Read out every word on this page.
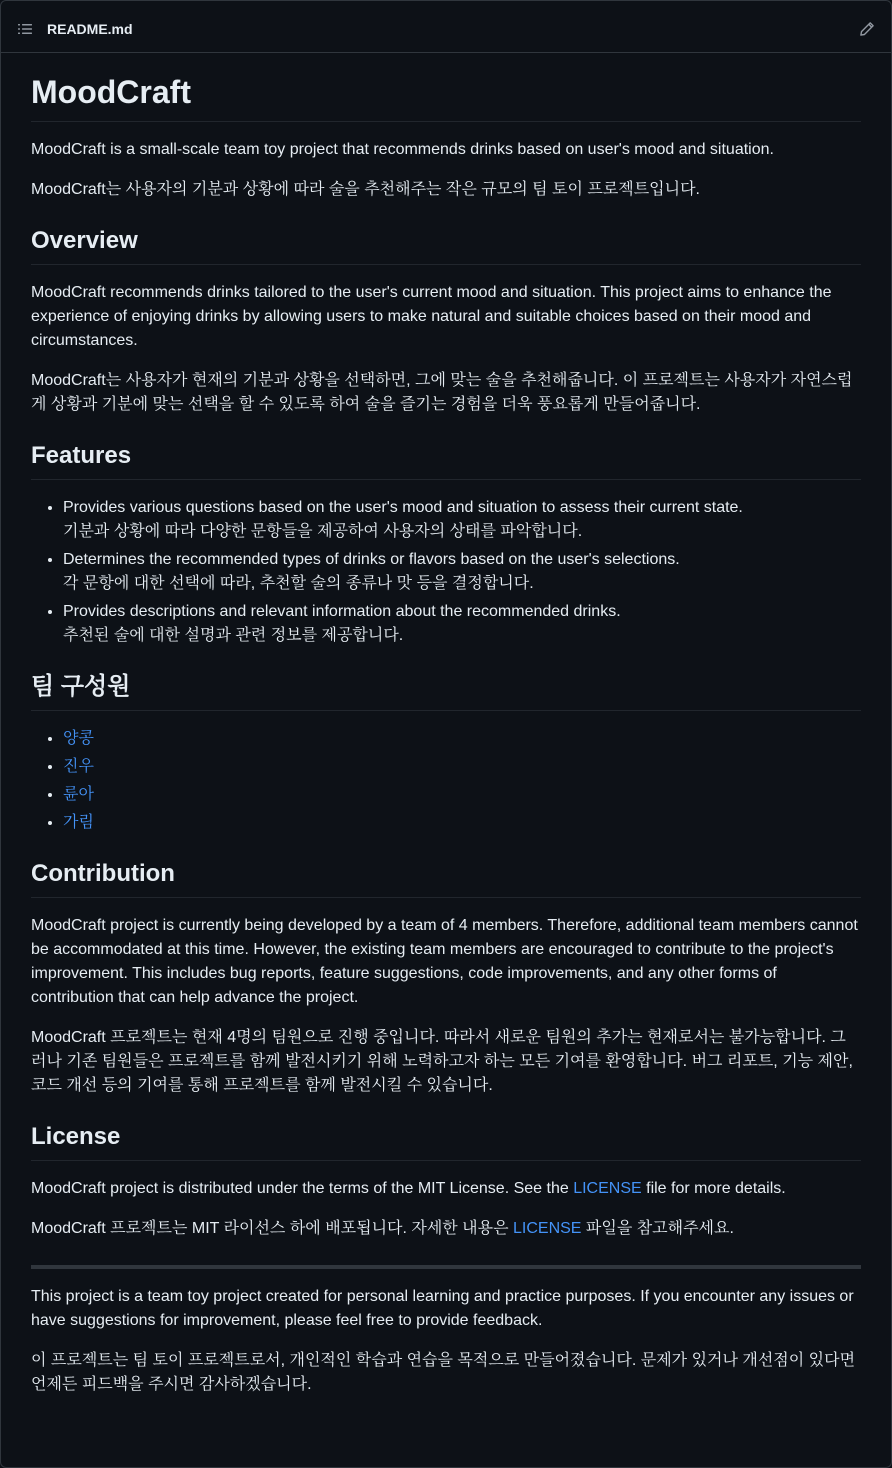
README.md
MoodCraft

MoodCraft is a small-scale team toy project that recommends drinks based on user's mood and situation.

MoodCraft는 사용자의 기분과 상황에 따라 술을 추천해주는 작은 규모의 팀 토이 프로젝트입니다.

Overview

MoodCraft recommends drinks tailored to the user's current mood and situation. This project aims to enhance the experience of enjoying drinks by allowing users to make natural and suitable choices based on their mood and circumstances.

MoodCraft는 사용자가 현재의 기분과 상황을 선택하면, 그에 맞는 술을 추천해줍니다. 이 프로젝트는 사용자가 자연스럽게 상황과 기분에 맞는 선택을 할 수 있도록 하여 술을 즐기는 경험을 더욱 풍요롭게 만들어줍니다.

Features
• Provides various questions based on the user's mood and situation to assess their current state.
기분과 상황에 따라 다양한 문항들을 제공하여 사용자의 상태를 파악합니다.
• Determines the recommended types of drinks or flavors based on the user's selections.
각 문항에 대한 선택에 따라, 추천할 술의 종류나 맛 등을 결정합니다.
• Provides descriptions and relevant information about the recommended drinks.
추천된 술에 대한 설명과 관련 정보를 제공합니다.
팀 구성원
• 양콩
• 진우
• 륜아
• 가림
Contribution

MoodCraft project is currently being developed by a team of 4 members. Therefore, additional team members cannot be accommodated at this time. However, the existing team members are encouraged to contribute to the project's improvement. This includes bug reports, feature suggestions, code improvements, and any other forms of contribution that can help advance the project.

MoodCraft 프로젝트는 현재 4명의 팀원으로 진행 중입니다. 따라서 새로운 팀원의 추가는 현재로서는 불가능합니다. 그러나 기존 팀원들은 프로젝트를 함께 발전시키기 위해 노력하고자 하는 모든 기여를 환영합니다. 버그 리포트, 기능 제안, 코드 개선 등의 기여를 통해 프로젝트를 함께 발전시킬 수 있습니다.

License

MoodCraft project is distributed under the terms of the MIT License. See the LICENSE file for more details.

MoodCraft 프로젝트는 MIT 라이선스 하에 배포됩니다. 자세한 내용은 LICENSE 파일을 참고해주세요.

This project is a team toy project created for personal learning and practice purposes. If you encounter any issues or have suggestions for improvement, please feel free to provide feedback.

이 프로젝트는 팀 토이 프로젝트로서, 개인적인 학습과 연습을 목적으로 만들어졌습니다. 문제가 있거나 개선점이 있다면 언제든 피드백을 주시면 감사하겠습니다.
